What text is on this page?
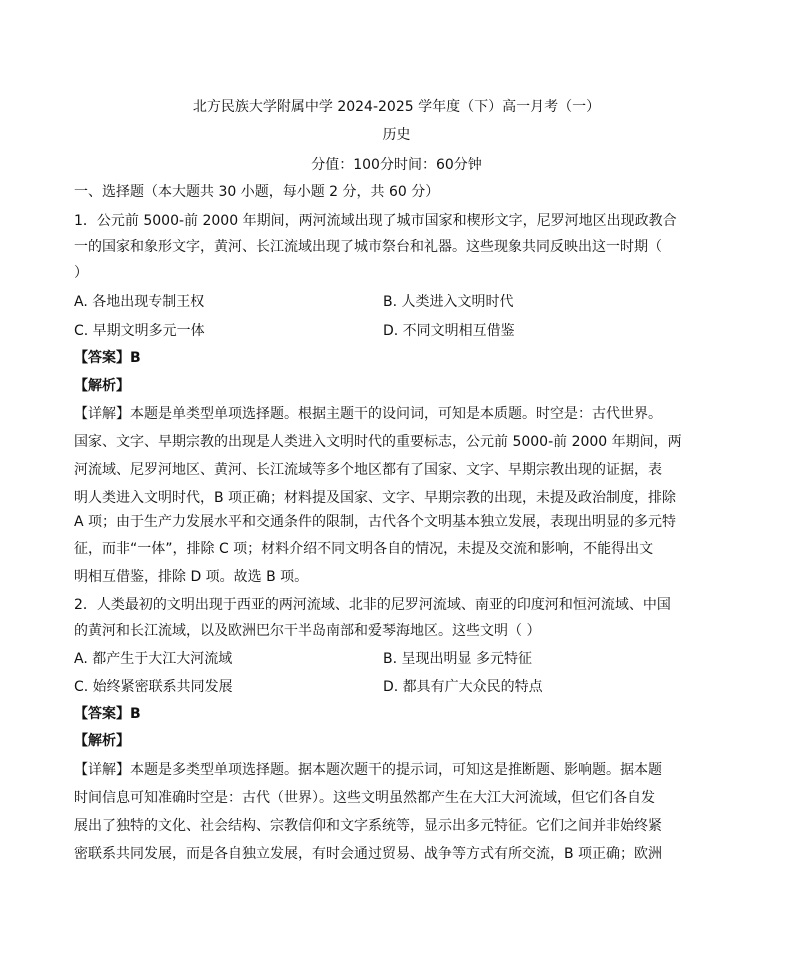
北方民族大学附属中学 2024-2025 学年度（下）高一月考（一）
历史
分值：100分时间：60分钟
一、选择题（本大题共 30 小题，每小题 2 分，共 60 分）
1．公元前 5000-前 2000 年期间，两河流域出现了城市国家和楔形文字，尼罗河地区出现政教合
一的国家和象形文字，黄河、长江流域出现了城市祭台和礼器。这些现象共同反映出这一时期（
）
A. 各地出现专制王权	B. 人类进入文明时代
C. 早期文明多元一体	D. 不同文明相互借鉴
【答案】B
【解析】
【详解】本题是单类型单项选择题。根据主题干的设问词，可知是本质题。时空是：古代世界。
国家、文字、早期宗教的出现是人类进入文明时代的重要标志，公元前 5000-前 2000 年期间，两
河流域、尼罗河地区、黄河、长江流域等多个地区都有了国家、文字、早期宗教出现的证据，表
明人类进入文明时代，B 项正确；材料提及国家、文字、早期宗教的出现，未提及政治制度，排除
A 项；由于生产力发展水平和交通条件的限制，古代各个文明基本独立发展，表现出明显的多元特
征，而非“一体”，排除 C 项；材料介绍不同文明各自的情况，未提及交流和影响，不能得出文
明相互借鉴，排除 D 项。故选 B 项。
2．人类最初的文明出现于西亚的两河流域、北非的尼罗河流域、南亚的印度河和恒河流域、中国
的黄河和长江流域，以及欧洲巴尔干半岛南部和爱琴海地区。这些文明（ ）
A. 都产生于大江大河流域	B. 呈现出明显 多元特征
C. 始终紧密联系共同发展	D. 都具有广大众民的特点
【答案】B
【解析】
【详解】本题是多类型单项选择题。据本题次题干的提示词，可知这是推断题、影响题。据本题
时间信息可知准确时空是：古代（世界）。这些文明虽然都产生在大江大河流域，但它们各自发
展出了独特的文化、社会结构、宗教信仰和文字系统等，显示出多元特征。它们之间并非始终紧
密联系共同发展，而是各自独立发展，有时会通过贸易、战争等方式有所交流，B 项正确；欧洲
